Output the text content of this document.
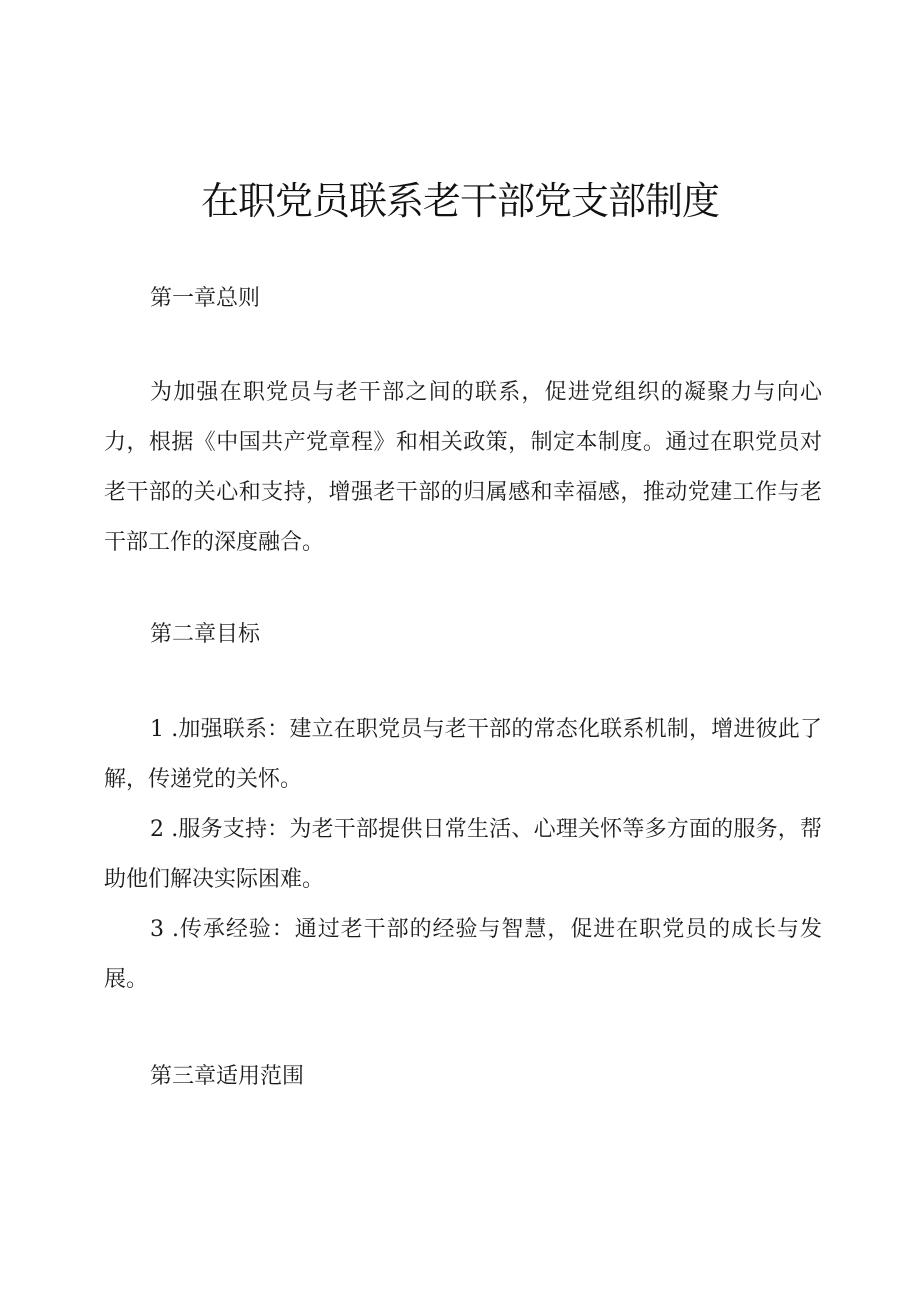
在职党员联系老干部党支部制度

第一章总则

为加强在职党员与老干部之间的联系，促进党组织的凝聚力与向心力，根据《中国共产党章程》和相关政策，制定本制度。通过在职党员对老干部的关心和支持，增强老干部的归属感和幸福感，推动党建工作与老干部工作的深度融合。

第二章目标

1 .加强联系：建立在职党员与老干部的常态化联系机制，增进彼此了解，传递党的关怀。

2 .服务支持：为老干部提供日常生活、心理关怀等多方面的服务，帮助他们解决实际困难。

3 .传承经验：通过老干部的经验与智慧，促进在职党员的成长与发展。

第三章适用范围
